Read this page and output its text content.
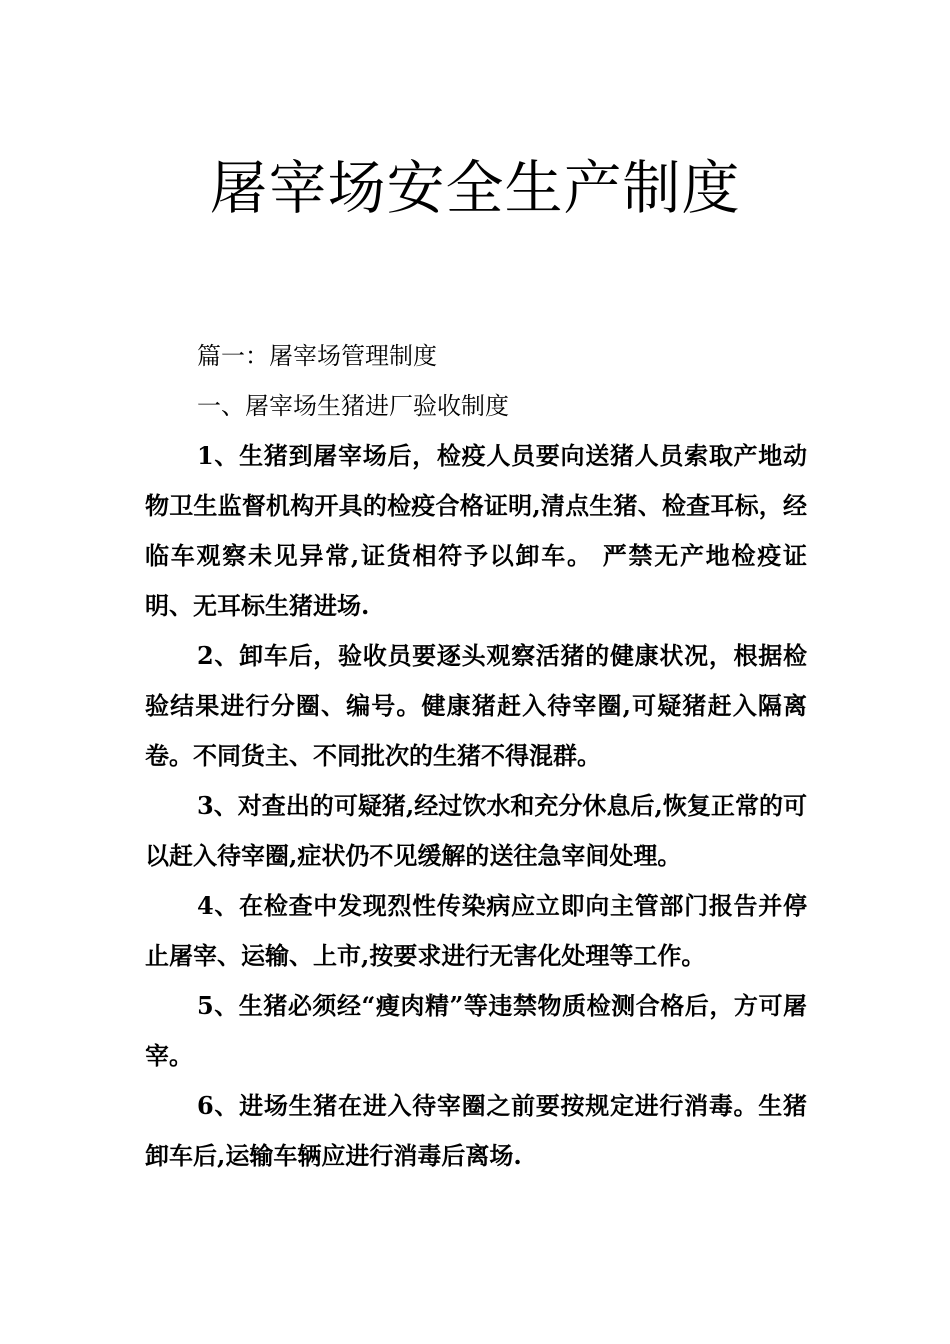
屠宰场安全生产制度

篇一：屠宰场管理制度

一、屠宰场生猪进厂验收制度

1、生猪到屠宰场后，检疫人员要向送猪人员索取产地动物卫生监督机构开具的检疫合格证明,清点生猪、检查耳标，经临车观察未见异常,证货相符予以卸车。 严禁无产地检疫证明、无耳标生猪进场.

2、卸车后，验收员要逐头观察活猪的健康状况，根据检验结果进行分圈、编号。健康猪赶入待宰圈,可疑猪赶入隔离卷。不同货主、不同批次的生猪不得混群。

3、对查出的可疑猪,经过饮水和充分休息后,恢复正常的可以赶入待宰圈,症状仍不见缓解的送往急宰间处理。

4、在检查中发现烈性传染病应立即向主管部门报告并停止屠宰、运输、上市,按要求进行无害化处理等工作。

5、生猪必须经“瘦肉精”等违禁物质检测合格后，方可屠宰。

6、进场生猪在进入待宰圈之前要按规定进行消毒。生猪卸车后,运输车辆应进行消毒后离场.
